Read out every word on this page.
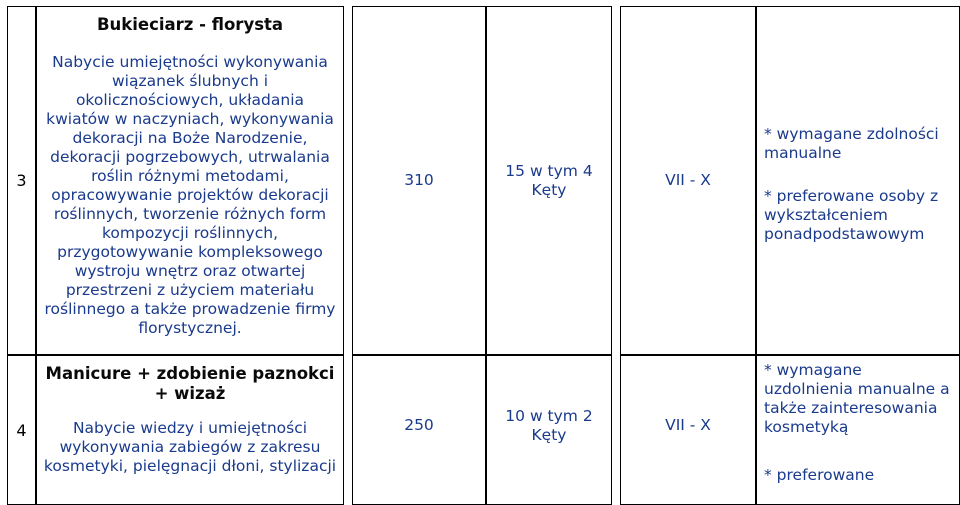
3
Bukieciarz - florysta
Nabycie umiejętności wykonywania wiązanek ślubnych i okolicznościowych, układania kwiatów w naczyniach, wykonywania dekoracji na Boże Narodzenie, dekoracji pogrzebowych, utrwalania roślin różnymi metodami, opracowywanie projektów dekoracji roślinnych, tworzenie różnych form kompozycji roślinnych, przygotowywanie kompleksowego wystroju wnętrz oraz otwartej przestrzeni z użyciem materiału roślinnego a także prowadzenie firmy florystycznej.
310
15 w tym 4
Kęty
VII - X
* wymagane zdolności manualne
* preferowane osoby z wykształceniem ponadpodstawowym
4
Manicure + zdobienie paznokci + wizaż
Nabycie wiedzy i umiejętności wykonywania zabiegów z zakresu kosmetyki, pielęgnacji dłoni, stylizacji
250	10 w tym 2
Kęty
VII - X
* wymagane uzdolnienia manualne a także zainteresowania kosmetyką
* preferowane
